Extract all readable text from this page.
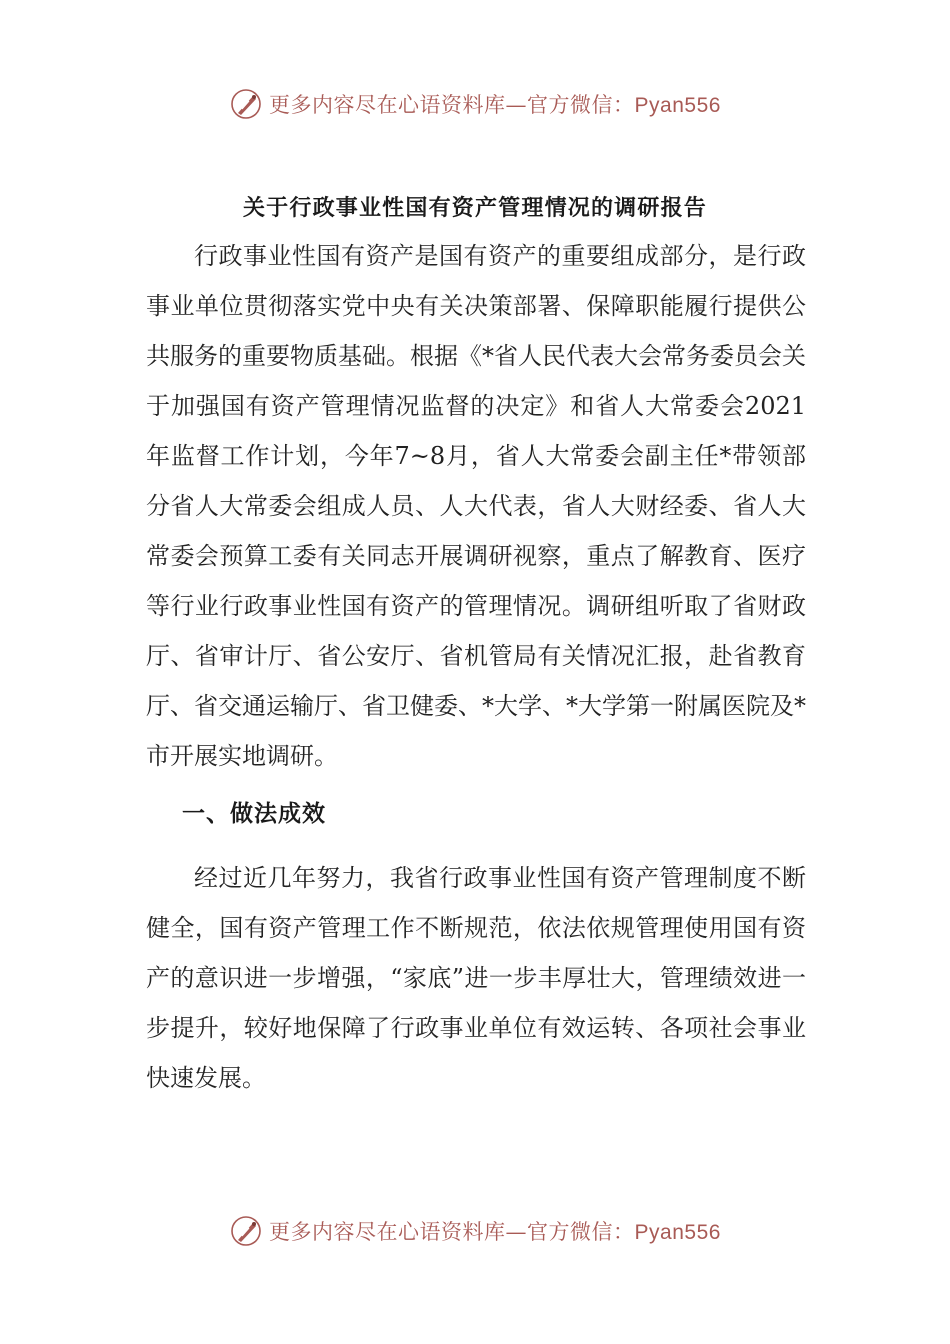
更多内容尽在心语资料库—官方微信：Pyan556
关于行政事业性国有资产管理情况的调研报告

行政事业性国有资产是国有资产的重要组成部分，是行政事业单位贯彻落实党中央有关决策部署、保障职能履行提供公共服务的重要物质基础。根据《*省人民代表大会常务委员会关于加强国有资产管理情况监督的决定》和省人大常委会2021年监督工作计划，今年7~8月，省人大常委会副主任*带领部分省人大常委会组成人员、人大代表，省人大财经委、省人大常委会预算工委有关同志开展调研视察，重点了解教育、医疗等行业行政事业性国有资产的管理情况。调研组听取了省财政厅、省审计厅、省公安厅、省机管局有关情况汇报，赴省教育厅、省交通运输厅、省卫健委、*大学、*大学第一附属医院及*市开展实地调研。

一、做法成效

经过近几年努力，我省行政事业性国有资产管理制度不断健全，国有资产管理工作不断规范，依法依规管理使用国有资产的意识进一步增强，“家底”进一步丰厚壮大，管理绩效进一步提升，较好地保障了行政事业单位有效运转、各项社会事业快速发展。

更多内容尽在心语资料库—官方微信：Pyan556
